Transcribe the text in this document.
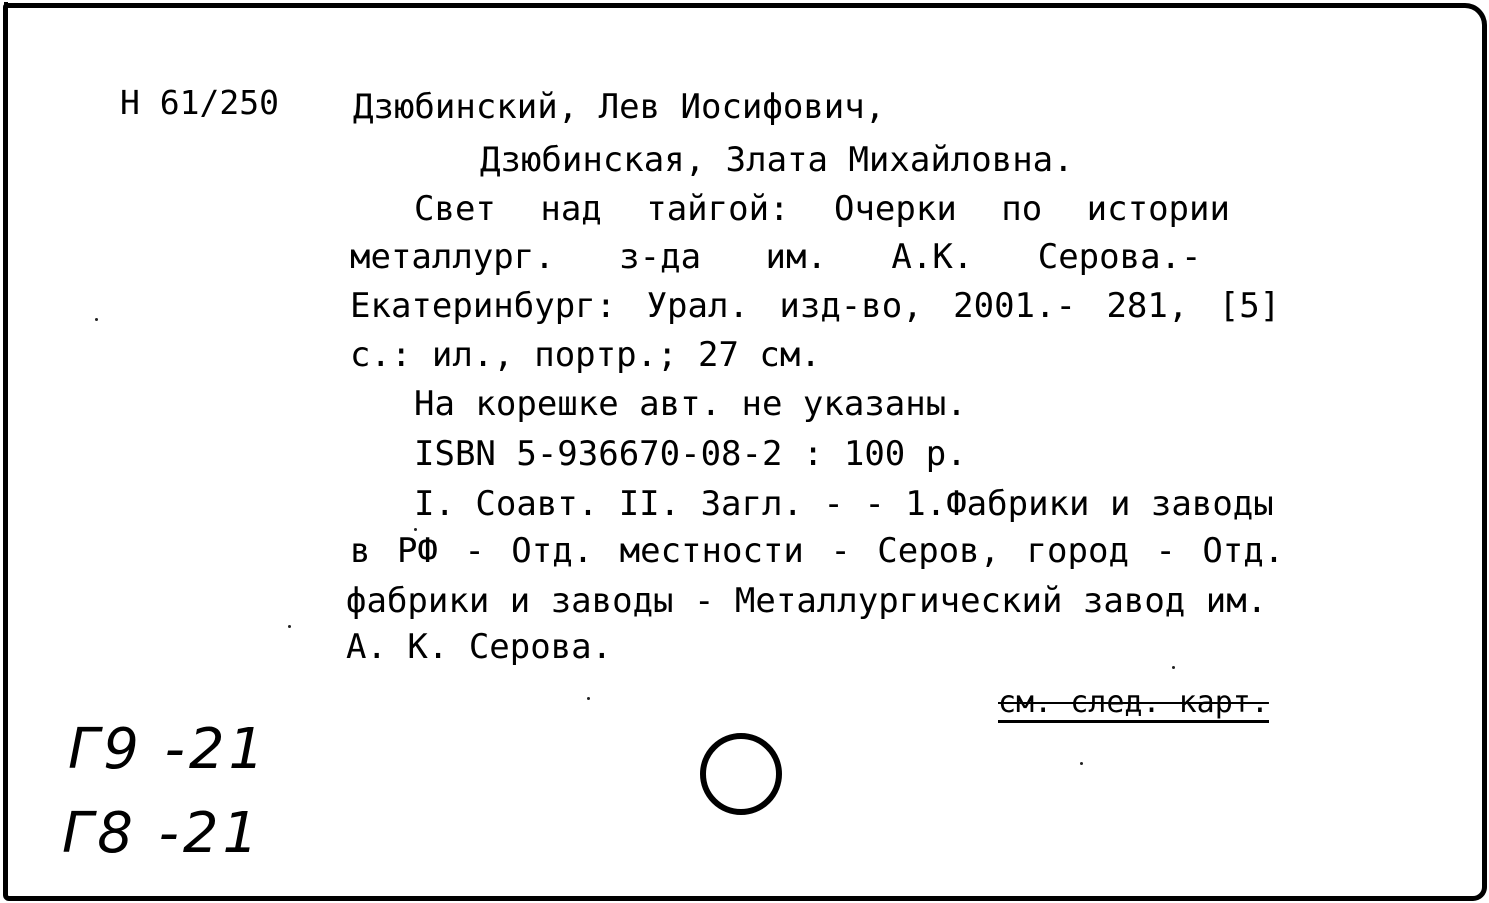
Н 61/250 Дзюбинский, Лев Иосифович,
Дзюбинская, Злата Михайловна.
Свет над тайгой: Очерки по истории
металлург. з-да им. А.К. Серова.-
Екатеринбург: Урал. изд-во, 2001.- 281, [5]
с.: ил., портр.; 27 см.
На корешке авт. не указаны.
ISBN 5-936670-08-2 : 100 р.
I. Соавт. II. Загл. - - 1.Фабрики и заводы
в РФ - Отд. местности - Серов, город - Отд.
фабрики и заводы - Металлургический завод им.
А. К. Серова.
см. след. карт.
Г9 -21
Г8 -21
